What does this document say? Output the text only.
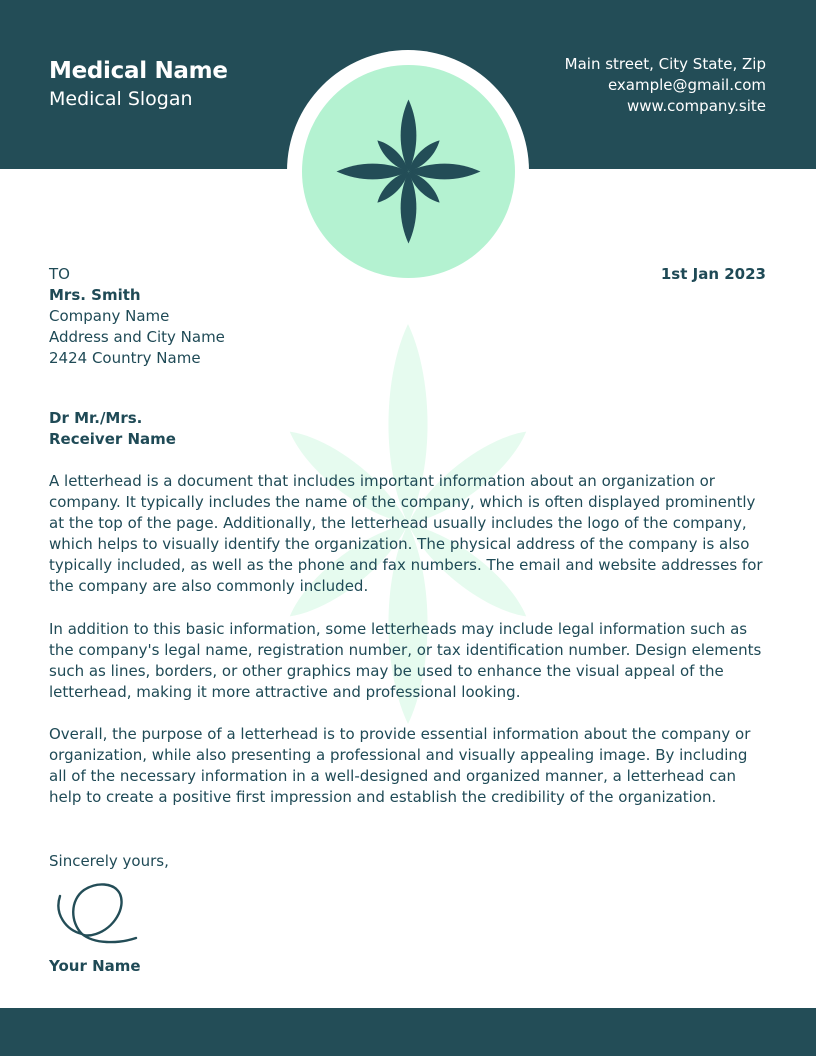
Medical Name
Medical Slogan
Main street, City State, Zip
example@gmail.com
www.company.site
TO	1st Jan 2023
Mrs. Smith
Company Name
Address and City Name
2424 Country Name
Dr Mr./Mrs.
Receiver Name

A letterhead is a document that includes important information about an organization or company. It typically includes the name of the company, which is often displayed prominently at the top of the page. Additionally, the letterhead usually includes the logo of the company, which helps to visually identify the organization. The physical address of the company is also typically included, as well as the phone and fax numbers. The email and website addresses for the company are also commonly included.

In addition to this basic information, some letterheads may include legal information such as the company's legal name, registration number, or tax identification number. Design elements such as lines, borders, or other graphics may be used to enhance the visual appeal of the letterhead, making it more attractive and professional looking.

Overall, the purpose of a letterhead is to provide essential information about the company or organization, while also presenting a professional and visually appealing image. By including all of the necessary information in a well-designed and organized manner, a letterhead can help to create a positive first impression and establish the credibility of the organization.

Sincerely yours,
Your Name
